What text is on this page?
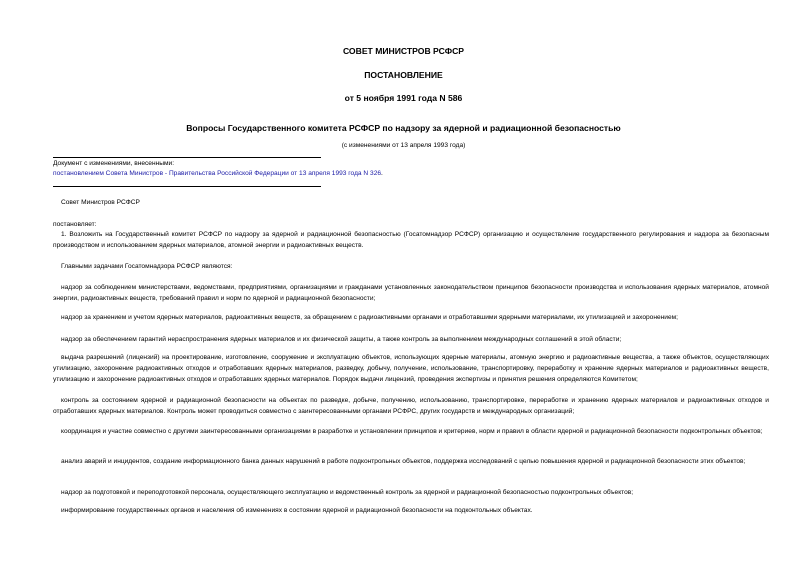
СОВЕТ МИНИСТРОВ РСФСР
ПОСТАНОВЛЕНИЕ
от 5 ноября 1991 года N 586
Вопросы Государственного комитета РСФСР по надзору за ядерной и радиационной безопасностью
(с изменениями от 13 апреля 1993 года)
Документ с изменениями, внесенными:
постановлением Совета Министров - Правительства Российской Федерации от 13 апреля 1993 года N 326.
Совет Министров РСФСР
постановляет:
1. Возложить на Государственный комитет РСФСР по надзору за ядерной и радиационной безопасностью (Госатомнадзор РСФСР) организацию и осуществление государственного регулирования и надзора за безопасным производством и использованием ядерных материалов, атомной энергии и радиоактивных веществ.
Главными задачами Госатомнадзора РСФСР являются:
надзор за соблюдением министерствами, ведомствами, предприятиями, организациями и гражданами установленных законодательством принципов безопасности производства и использования ядерных материалов, атомной энергии, радиоактивных веществ, требований правил и норм по ядерной и радиационной безопасности;
надзор за хранением и учетом ядерных материалов, радиоактивных веществ, за обращением с радиоактивными органами и отработавшими ядерными материалами, их утилизацией и захоронением;
надзор за обеспечением гарантий нераспространения ядерных материалов и их физической защиты, а также контроль за выполнением международных соглашений в этой области;
выдача разрешений (лицензий) на проектирование, изготовление, сооружение и эксплуатацию объектов, использующих ядерные материалы, атомную энергию и радиоактивные вещества, а также объектов, осуществляющих утилизацию, захоронение радиоактивных отходов и отработавших ядерных материалов, разведку, добычу, получение, использование, транспортировку, переработку и хранение ядерных материалов и радиоактивных веществ, утилизацию и захоронение радиоактивных отходов и отработавших ядерных материалов. Порядок выдачи лицензий, проведения экспертизы и принятия решения определяются Комитетом;
контроль за состоянием ядерной и радиационной безопасности на объектах по разведке, добыче, получению, использованию, транспортировке, переработке и хранению ядерных материалов и радиоактивных отходов и отработавших ядерных материалов. Контроль может проводиться совместно с заинтересованными органами РСФРС, других государств и международных организаций;
координация и участие совместно с другими заинтересованными организациями в разработке и установлении принципов и критериев, норм и правил в области ядерной и радиационной безопасности подконтрольных объектов;
анализ аварий и инцидентов, создание информационного банка данных нарушений в работе подконтрольных объектов, поддержка исследований с целью повышения ядерной и радиационной безопасности этих объектов;
надзор за подготовкой и переподготовкой персонала, осуществляющего эксплуатацию и ведомственный контроль за ядерной и радиационной безопасностью подконтрольных объектов;
информирование государственных органов и населения об изменениях в состоянии ядерной и радиационной безопасности на подконтольных объектах.
